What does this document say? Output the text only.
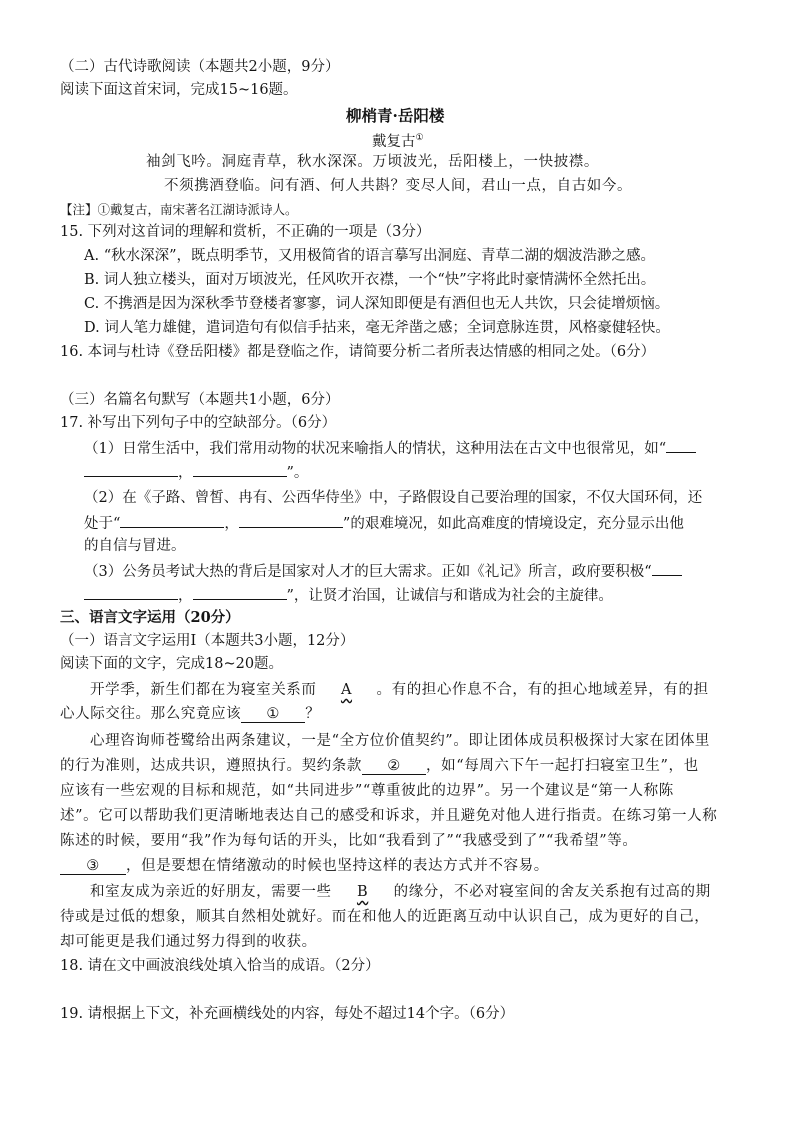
（二）古代诗歌阅读（本题共2小题，9分）
阅读下面这首宋词，完成15~16题。
柳梢青·岳阳楼
戴复古①
袖剑飞吟。洞庭青草，秋水深深。万顷波光，岳阳楼上，一快披襟。
不须携酒登临。问有酒、何人共斟？变尽人间，君山一点，自古如今。
【注】①戴复古，南宋著名江湖诗派诗人。
15. 下列对这首词的理解和赏析，不正确的一项是（3分）
A. “秋水深深”，既点明季节，又用极简省的语言摹写出洞庭、青草二湖的烟波浩渺之感。
B. 词人独立楼头，面对万顷波光，任风吹开衣襟，一个“快”字将此时豪情满怀全然托出。
C. 不携酒是因为深秋季节登楼者寥寥，词人深知即便是有酒但也无人共饮，只会徒增烦恼。
D. 词人笔力雄健，遣词造句有似信手拈来，毫无斧凿之感；全词意脉连贯，风格豪健轻快。
16. 本词与杜诗《登岳阳楼》都是登临之作，请简要分析二者所表达情感的相同之处。（6分）
（三）名篇名句默写（本题共1小题，6分）
17. 补写出下列句子中的空缺部分。（6分）
（1）日常生活中，我们常用动物的状况来喻指人的情状，这种用法在古文中也很常见，如“
，	”。
（2）在《子路、曾皙、冉有、公西华侍坐》中，子路假设自己要治理的国家，不仅大国环伺，还
处于“	，	”的艰难境况，如此高难度的情境设定，充分显示出他
的自信与冒进。
（3）公务员考试大热的背后是国家对人才的巨大需求。正如《礼记》所言，政府要积极“
，	”，让贤才治国，让诚信与和谐成为社会的主旋律。
三、语言文字运用（20分）
（一）语言文字运用Ⅰ（本题共3小题，12分）
阅读下面的文字，完成18~20题。
开学季，新生们都在为寝室关系而 A 。有的担心作息不合，有的担心地域差异，有的担
心人际交往。那么究竟应该 ① ？
心理咨询师苍鹭给出两条建议，一是“全方位价值契约”。即让团体成员积极探讨大家在团体里
的行为准则，达成共识，遵照执行。契约条款 ② ，如“每周六下午一起打扫寝室卫生”，也
应该有一些宏观的目标和规范，如“共同进步”“尊重彼此的边界”。另一个建议是“第一人称陈
述”。它可以帮助我们更清晰地表达自己的感受和诉求，并且避免对他人进行指责。在练习第一人称
陈述的时候，要用“我”作为每句话的开头，比如“我看到了”“我感受到了”“我希望”等。
③ ，但是要想在情绪激动的时候也坚持这样的表达方式并不容易。
和室友成为亲近的好朋友，需要一些 B 的缘分，不必对寝室间的舍友关系抱有过高的期
待或是过低的想象，顺其自然相处就好。而在和他人的近距离互动中认识自己，成为更好的自己，
却可能更是我们通过努力得到的收获。
18. 请在文中画波浪线处填入恰当的成语。（2分）
19. 请根据上下文，补充画横线处的内容，每处不超过14个字。（6分）
